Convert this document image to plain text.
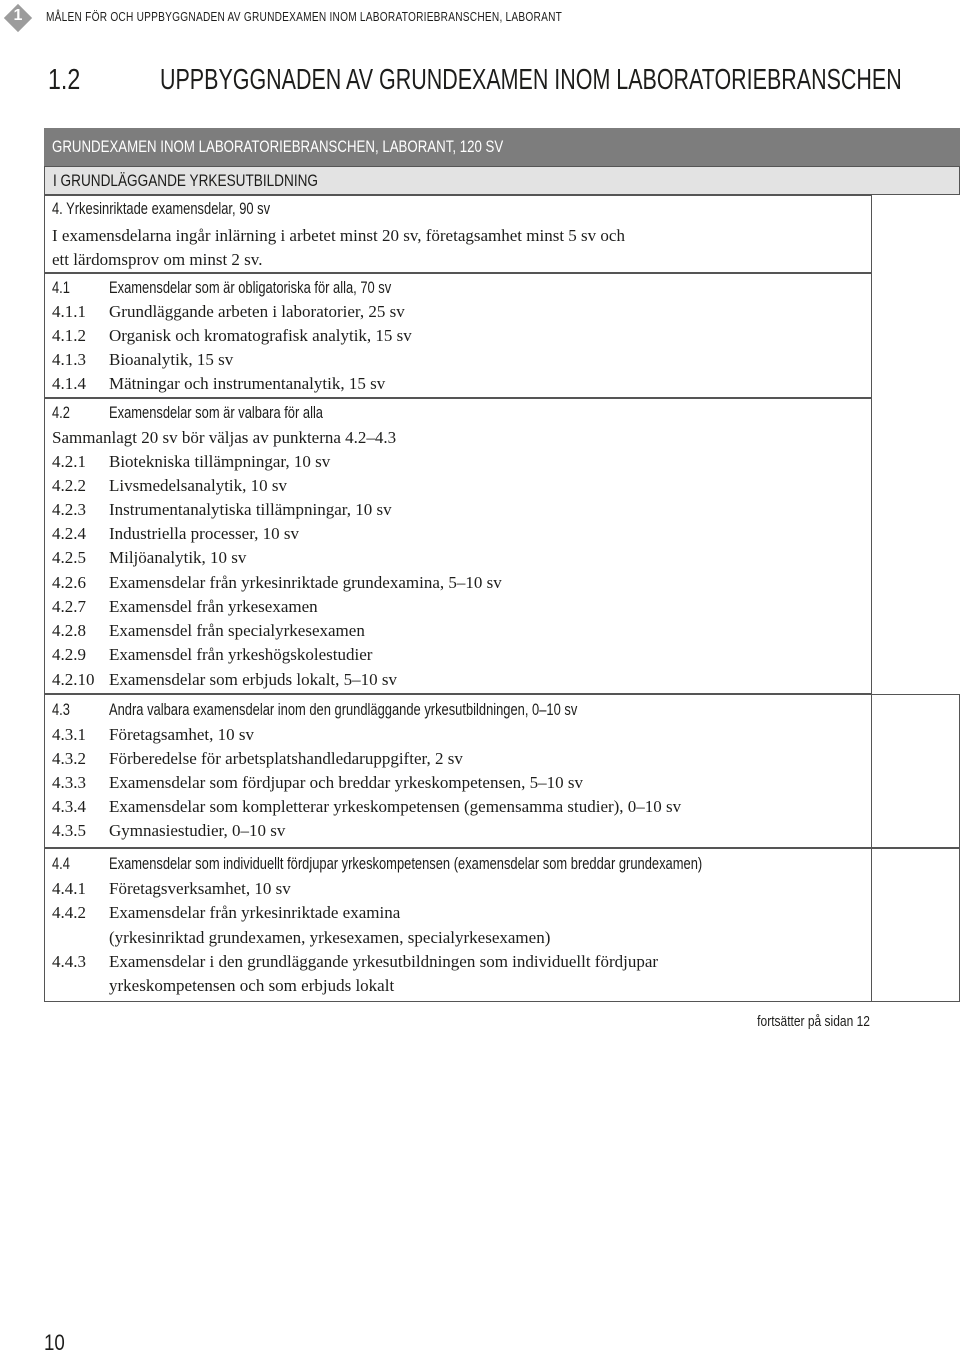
1	MÅLEN FÖR OCH UPPBYGGNADEN AV GRUNDEXAMEN INOM LABORATORIEBRANSCHEN, LABORANT
1.2	UPPBYGGNADEN AV GRUNDEXAMEN INOM LABORATORIEBRANSCHEN
GRUNDEXAMEN INOM LABORATORIEBRANSCHEN, LABORANT, 120 SV
I GRUNDLÄGGANDE YRKESUTBILDNING
4. Yrkesinriktade examensdelar, 90 sv
I examensdelarna ingår inlärning i arbetet minst 20 sv, företagsamhet minst 5 sv och
ett lärdomsprov om minst 2 sv.
4.1 Examensdelar som är obligatoriska för alla, 70 sv
4.1.1 Grundläggande arbeten i laboratorier, 25 sv
4.1.2 Organisk och kromatografisk analytik, 15 sv
4.1.3 Bioanalytik, 15 sv
4.1.4 Mätningar och instrumentanalytik, 15 sv
4.2 Examensdelar som är valbara för alla
Sammanlagt 20 sv bör väljas av punkterna 4.2–4.3
4.2.1 Biotekniska tillämpningar, 10 sv
4.2.2 Livsmedelsanalytik, 10 sv
4.2.3 Instrumentanalytiska tillämpningar, 10 sv
4.2.4 Industriella processer, 10 sv
4.2.5 Miljöanalytik, 10 sv
4.2.6 Examensdelar från yrkesinriktade grundexamina, 5–10 sv
4.2.7 Examensdel från yrkesexamen
4.2.8 Examensdel från specialyrkesexamen
4.2.9 Examensdel från yrkeshögskolestudier
4.2.10 Examensdelar som erbjuds lokalt, 5–10 sv
4.3 Andra valbara examensdelar inom den grundläggande yrkesutbildningen, 0–10 sv
4.3.1 Företagsamhet, 10 sv
4.3.2 Förberedelse för arbetsplatshandledaruppgifter, 2 sv
4.3.3 Examensdelar som fördjupar och breddar yrkeskompetensen, 5–10 sv
4.3.4 Examensdelar som kompletterar yrkeskompetensen (gemensamma studier), 0–10 sv
4.3.5 Gymnasiestudier, 0–10 sv
4.4 Examensdelar som individuellt fördjupar yrkeskompetensen (examensdelar som breddar grundexamen)
4.4.1 Företagsverksamhet, 10 sv
4.4.2 Examensdelar från yrkesinriktade examina
(yrkesinriktad grundexamen, yrkesexamen, specialyrkesexamen)
4.4.3 Examensdelar i den grundläggande yrkesutbildningen som individuellt fördjupar
yrkeskompetensen och som erbjuds lokalt
fortsätter på sidan 12
10
